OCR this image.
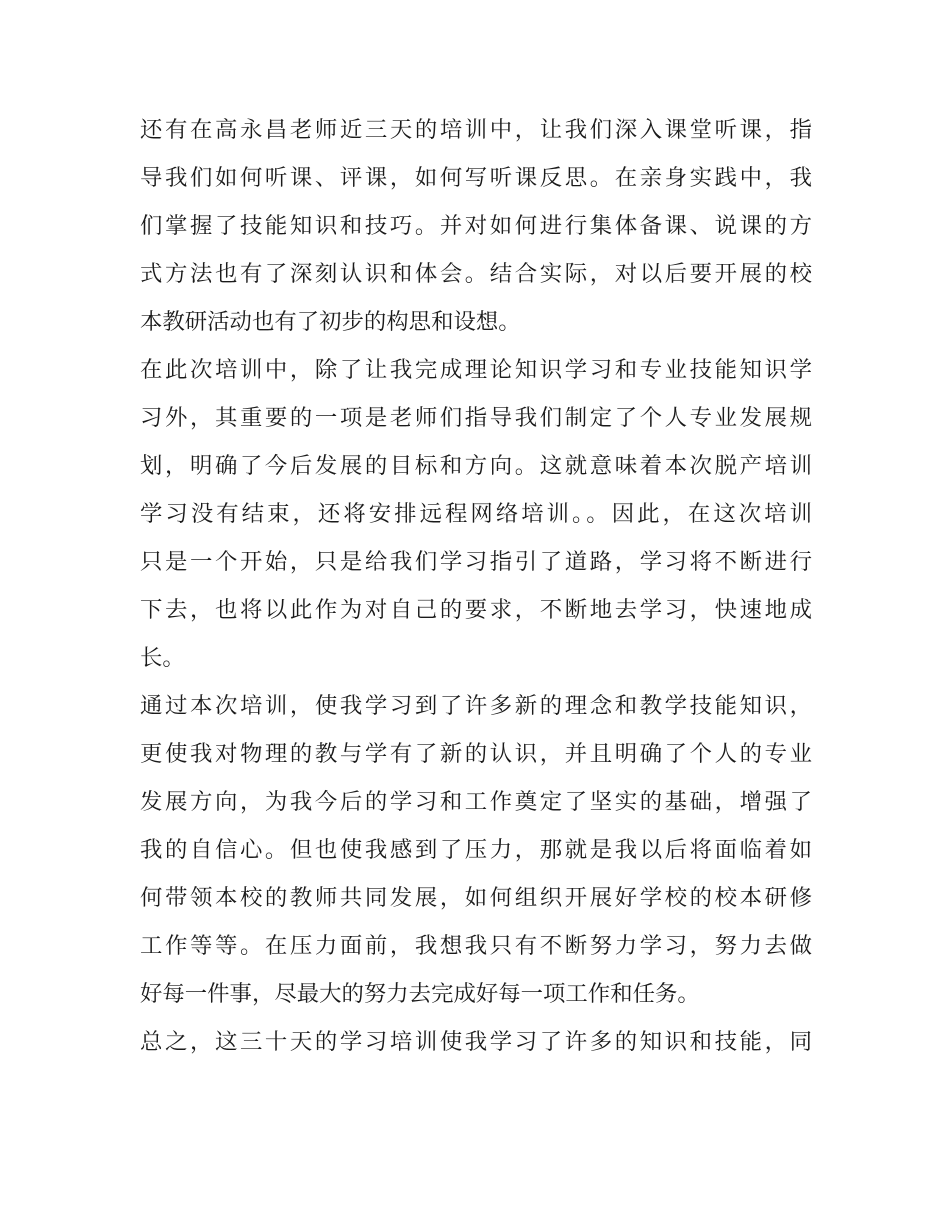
还有在高永昌老师近三天的培训中，让我们深入课堂听课，指
导我们如何听课、评课，如何写听课反思。在亲身实践中，我
们掌握了技能知识和技巧。并对如何进行集体备课、说课的方
式方法也有了深刻认识和体会。结合实际，对以后要开展的校
本教研活动也有了初步的构思和设想。
在此次培训中，除了让我完成理论知识学习和专业技能知识学
习外，其重要的一项是老师们指导我们制定了个人专业发展规
划，明确了今后发展的目标和方向。这就意味着本次脱产培训
学习没有结束，还将安排远程网络培训。。因此，在这次培训
只是一个开始，只是给我们学习指引了道路，学习将不断进行
下去，也将以此作为对自己的要求，不断地去学习，快速地成
长。
通过本次培训，使我学习到了许多新的理念和教学技能知识，
更使我对物理的教与学有了新的认识，并且明确了个人的专业
发展方向，为我今后的学习和工作奠定了坚实的基础，增强了
我的自信心。但也使我感到了压力，那就是我以后将面临着如
何带领本校的教师共同发展，如何组织开展好学校的校本研修
工作等等。在压力面前，我想我只有不断努力学习，努力去做
好每一件事，尽最大的努力去完成好每一项工作和任务。
总之，这三十天的学习培训使我学习了许多的知识和技能，同
